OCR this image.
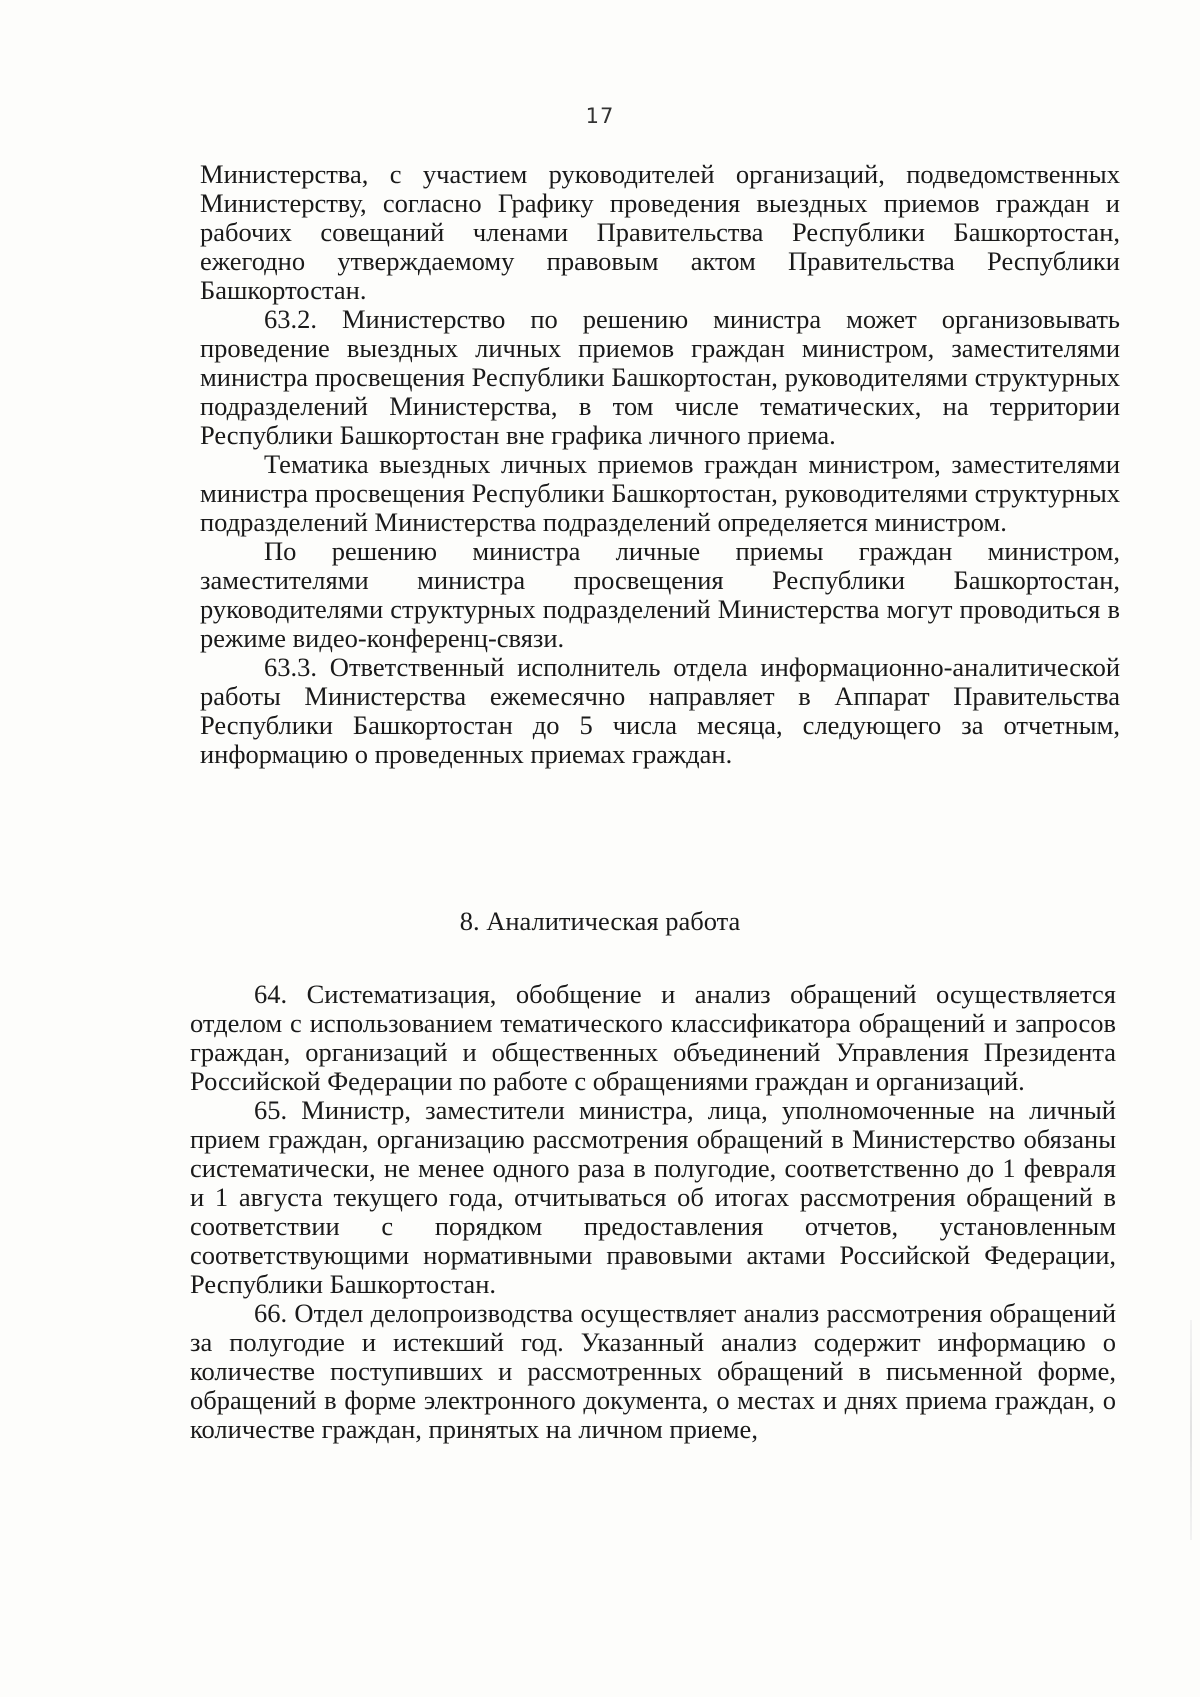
17

Министерства, с участием руководителей организаций, подведомственных Министерству, согласно Графику проведения выездных приемов граждан и рабочих совещаний членами Правительства Республики Башкортостан, ежегодно утверждаемому правовым актом Правительства Республики Башкортостан.

63.2. Министерство по решению министра может организовывать проведение выездных личных приемов граждан министром, заместителями министра просвещения Республики Башкортостан, руководителями структурных подразделений Министерства, в том числе тематических, на территории Республики Башкортостан вне графика личного приема.

Тематика выездных личных приемов граждан министром, заместителями министра просвещения Республики Башкортостан, руководителями структурных подразделений Министерства подразделений определяется министром.

По решению министра личные приемы граждан министром, заместителями министра просвещения Республики Башкортостан, руководителями структурных подразделений Министерства могут проводиться в режиме видео-конференц-связи.

63.3. Ответственный исполнитель отдела информационно-аналитической работы Министерства ежемесячно направляет в Аппарат Правительства Республики Башкортостан до 5 числа месяца, следующего за отчетным, информацию о проведенных приемах граждан.

8. Аналитическая работа

64. Систематизация, обобщение и анализ обращений осуществляется отделом с использованием тематического классификатора обращений и запросов граждан, организаций и общественных объединений Управления Президента Российской Федерации по работе с обращениями граждан и организаций.

65. Министр, заместители министра, лица, уполномоченные на личный прием граждан, организацию рассмотрения обращений в Министерство обязаны систематически, не менее одного раза в полугодие, соответственно до 1 февраля и 1 августа текущего года, отчитываться об итогах рассмотрения обращений в соответствии с порядком предоставления отчетов, установленным соответствующими нормативными правовыми актами Российской Федерации, Республики Башкортостан.

66. Отдел делопроизводства осуществляет анализ рассмотрения обращений за полугодие и истекший год. Указанный анализ содержит информацию о количестве поступивших и рассмотренных обращений в письменной форме, обращений в форме электронного документа, о местах и днях приема граждан, о количестве граждан, принятых на личном приеме,
